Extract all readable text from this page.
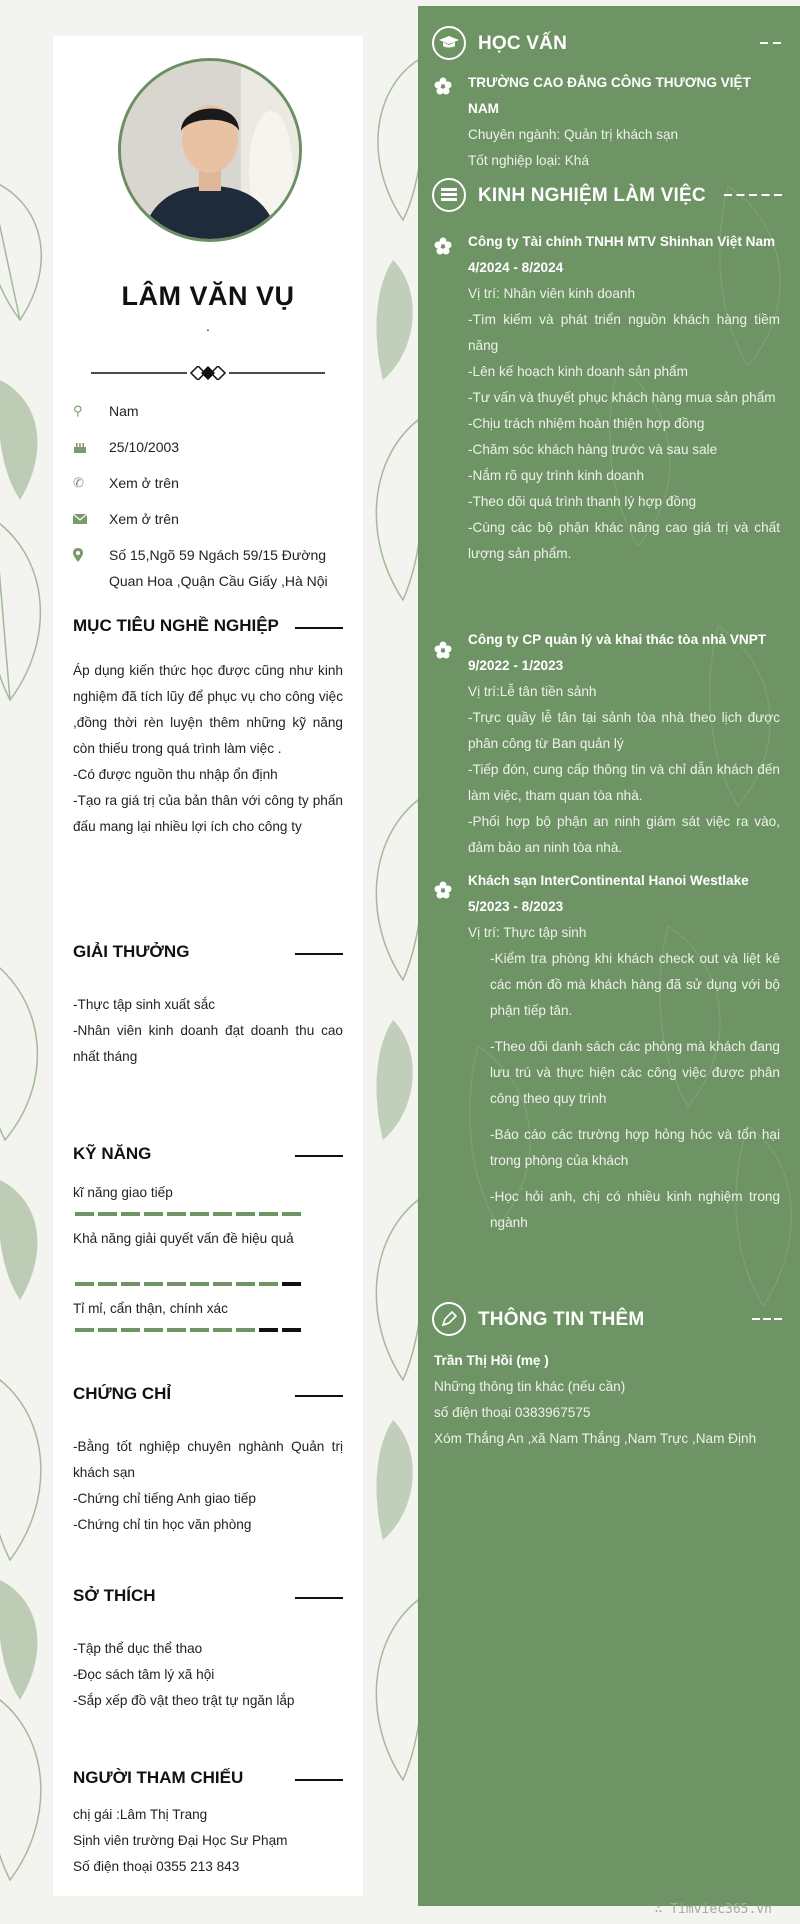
LÂM VĂN VỤ
.
⚲	Nam
25/10/2003
✆	Xem ở trên
Xem ở trên
Số 15,Ngõ 59 Ngách 59/15 Đường Quan Hoa ,Quận Cầu Giấy ,Hà Nội
MỤC TIÊU NGHỀ NGHIỆP
Áp dụng kiến thức học được cũng như kinh nghiệm đã tích lũy để phục vụ cho công việc ,đồng thời rèn luyện thêm những kỹ năng còn thiếu trong quá trình làm việc .
-Có được nguồn thu nhập ổn định
-Tạo ra giá trị của bản thân với công ty phấn đấu mang lại nhiều lợi ích cho công ty
GIẢI THƯỞNG
-Thực tập sinh xuất sắc
-Nhân viên kinh doanh đạt doanh thu cao nhất tháng
KỸ NĂNG
kĩ năng giao tiếp
Khả năng giải quyết vấn đề hiệu quả
Tỉ mỉ, cẩn thận, chính xác
CHỨNG CHỈ
-Bằng tốt nghiệp chuyên nghành Quản trị khách sạn
-Chứng chỉ tiếng Anh giao tiếp
-Chứng chỉ tin học văn phòng
SỞ THÍCH
-Tập thể dục thể thao
-Đọc sách tâm lý xã hội
-Sắp xếp đồ vật theo trật tự ngăn lắp
NGƯỜI THAM CHIẾU
chị gái :Lâm Thị Trang
Sịnh viên trường Đại Học Sư Phạm
Số điện thoại 0355 213 843
HỌC VẤN
TRƯỜNG CAO ĐẲNG CÔNG THƯƠNG VIỆT NAM
Chuyên ngành: Quản trị khách sạn
Tốt nghiệp loại: Khá
KINH NGHIỆM LÀM VIỆC
Công ty Tài chính TNHH MTV Shinhan Việt Nam
4/2024 - 8/2024
Vị trí: Nhân viên kinh doanh
-Tìm kiếm và phát triển nguồn khách hàng tiềm năng
-Lên kế hoạch kinh doanh sản phẩm
-Tư vấn và thuyết phục khách hàng mua sản phẩm
-Chịu trách nhiệm hoàn thiện hợp đồng
-Chăm sóc khách hàng trước và sau sale
-Nắm rõ quy trình kinh doanh
-Theo dõi quá trình thanh lý hợp đồng
-Cùng các bộ phận khác nâng cao giá trị và chất lượng sản phẩm.
Công ty CP quản lý và khai thác tòa nhà VNPT
9/2022 - 1/2023
Vị trí:Lễ tân tiền sảnh
-Trực quầy lễ tân tại sảnh tòa nhà theo lịch được phân công từ Ban quản lý
-Tiếp đón, cung cấp thông tin và chỉ dẫn khách đến làm việc, tham quan tòa nhà.
-Phối hợp bộ phận an ninh giám sát việc ra vào, đảm bảo an ninh tòa nhà.
Khách sạn InterContinental Hanoi Westlake
5/2023 - 8/2023
Vị trí: Thực tập sinh
-Kiểm tra phòng khi khách check out và liệt kê các món đồ mà khách hàng đã sử dụng với bộ phận tiếp tân.
-Theo dõi danh sách các phòng mà khách đang lưu trú và thực hiện các công việc được phân công theo quy trình
-Báo cáo các trường hợp hỏng hóc và tổn hại trong phòng của khách
-Học hỏi anh, chị có nhiều kinh nghiệm trong ngành
THÔNG TIN THÊM
Trần Thị Hồi (mẹ )
Những thông tin khác (nếu cần)
số điện thoại 0383967575
Xóm Thắng An ,xã Nam Thắng ,Nam Trực ,Nam Định
∴ Timviec365.vn
